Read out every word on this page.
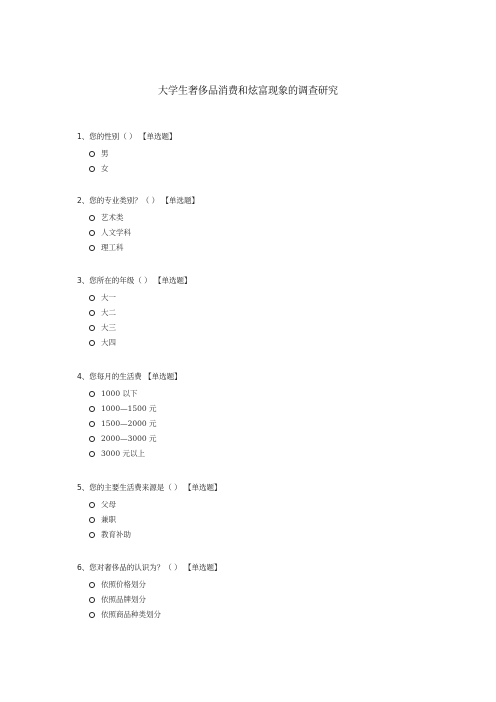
大学生奢侈品消费和炫富现象的调查研究
1、您的性别（ ） 【单选题】
男
女
2、您的专业类别？（ ） 【单选题】
艺术类
人文学科
理工科
3、您所在的年级（ ） 【单选题】
大一
大二
大三
大四
4、您每月的生活费 【单选题】
1000 以下
1000—1500 元
1500—2000 元
2000—3000 元
3000 元以上
5、您的主要生活费来源是（ ） 【单选题】
父母
兼职
教育补助
6、您对奢侈品的认识为？（ ） 【单选题】
依照价格划分
依照品牌划分
依照商品种类划分
